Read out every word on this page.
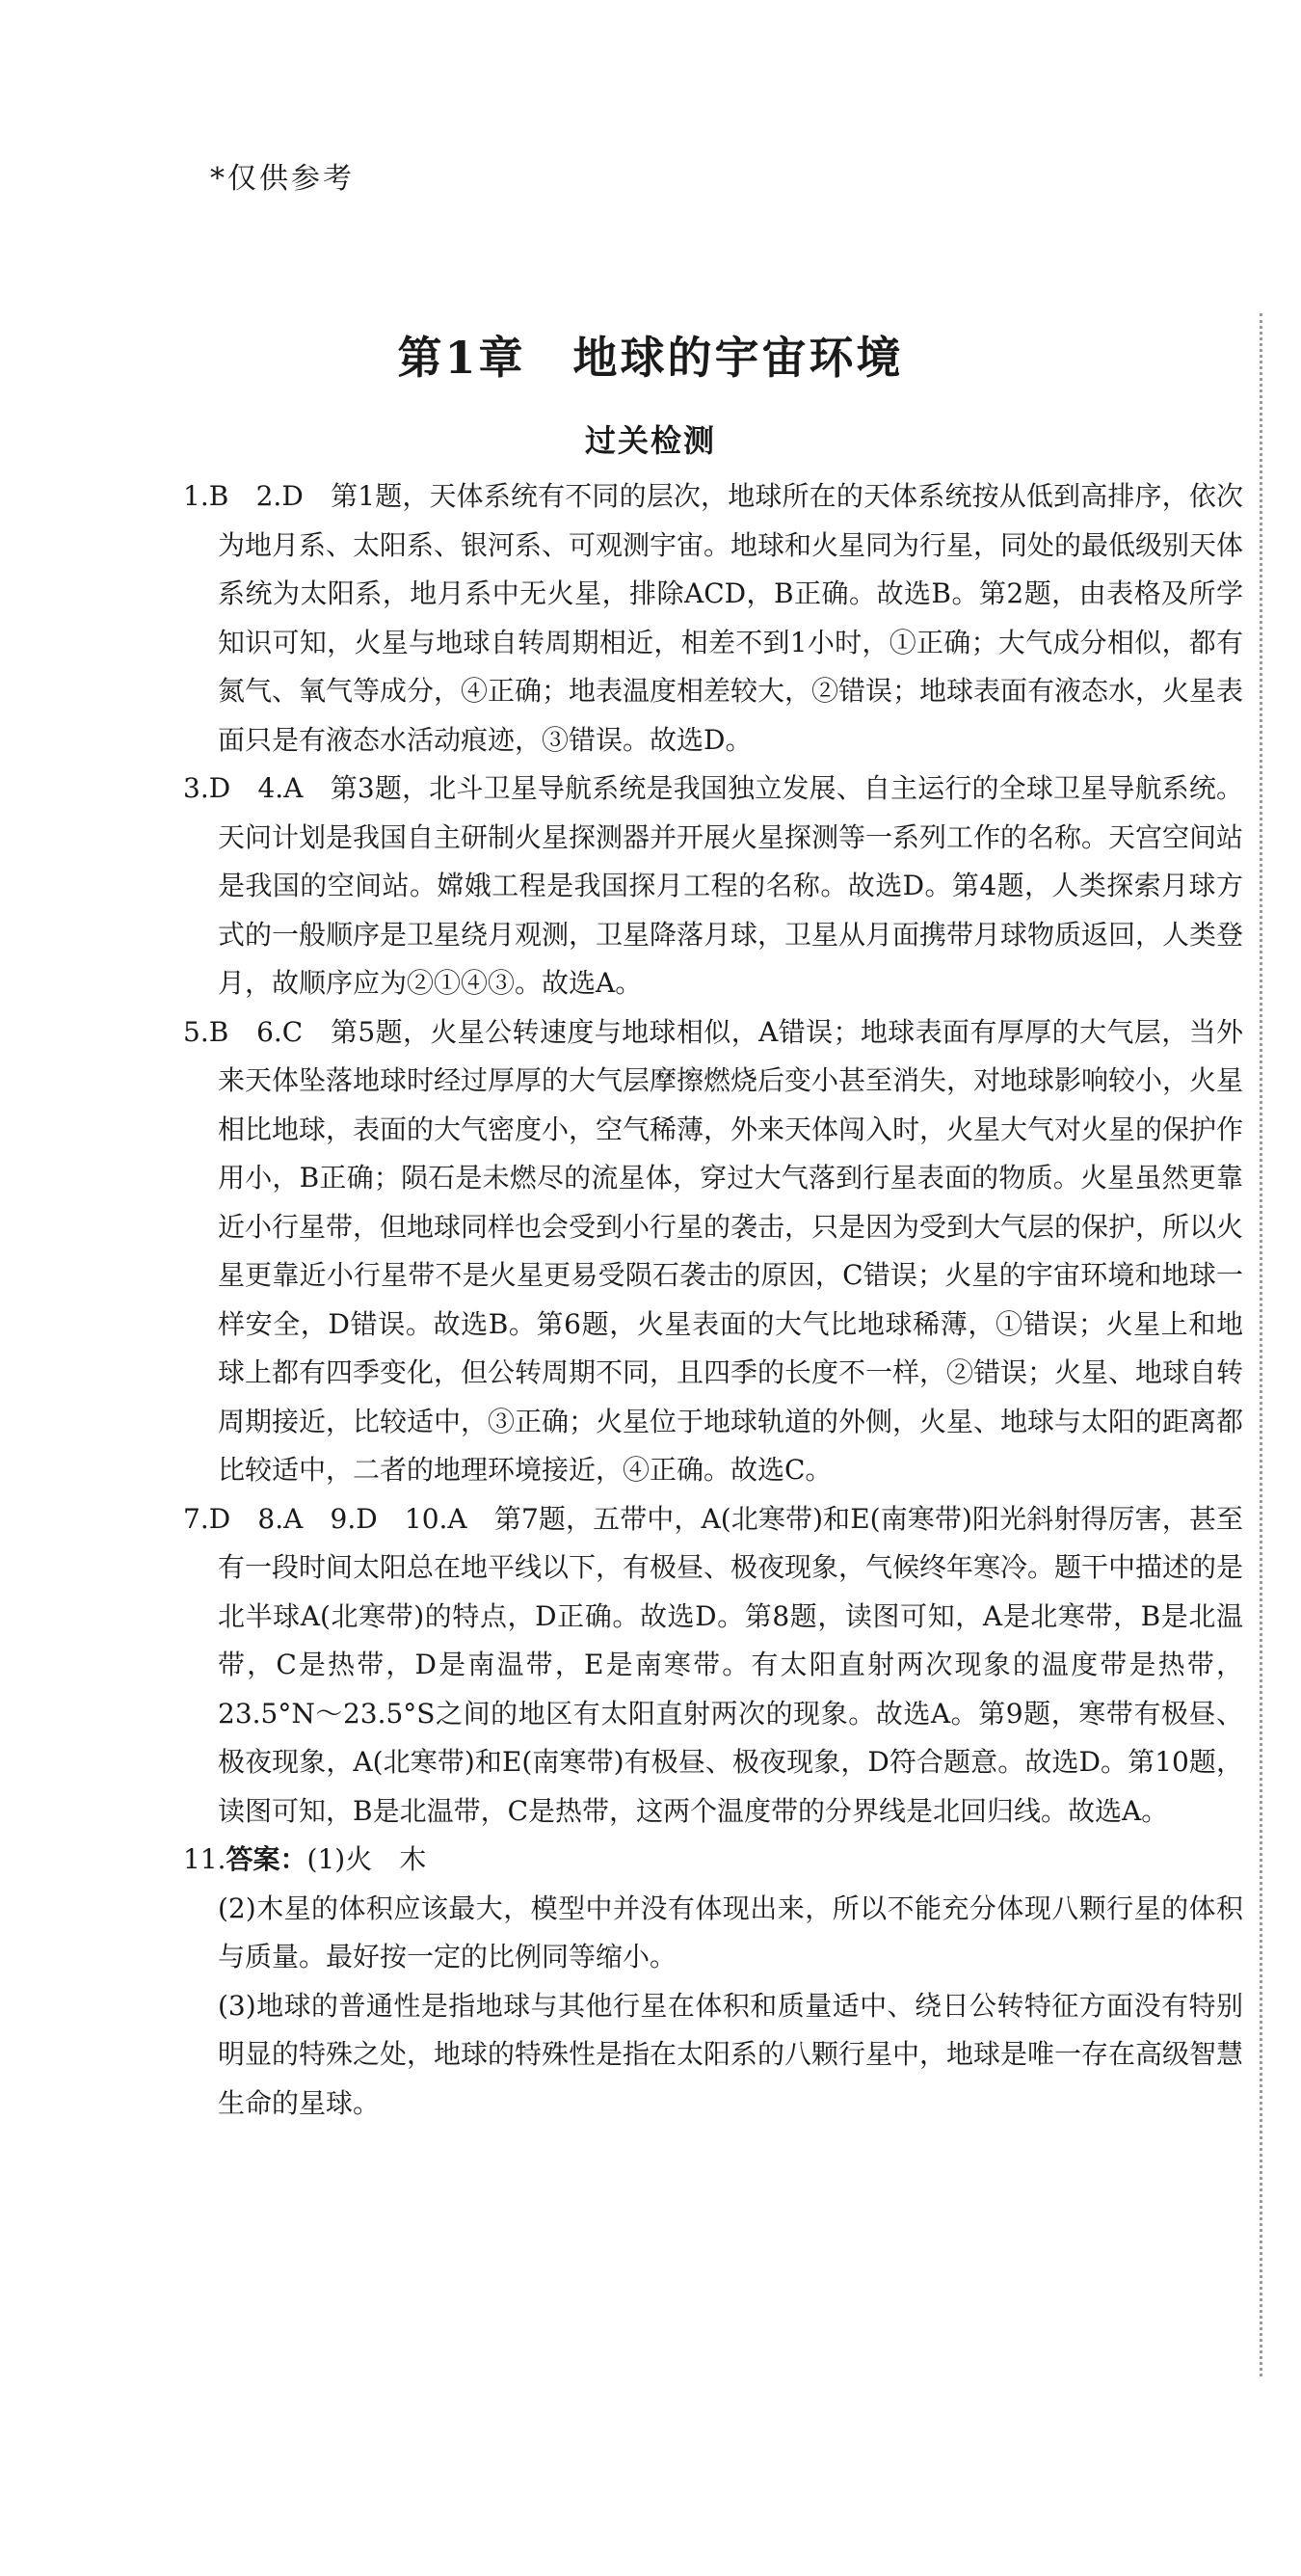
*仅供参考
第1章　地球的宇宙环境
过关检测
1.B　2.D　第1题，天体系统有不同的层次，地球所在的天体系统按从低到高排序，依次为地月系、太阳系、银河系、可观测宇宙。地球和火星同为行星，同处的最低级别天体系统为太阳系，地月系中无火星，排除ACD，B正确。故选B。第2题，由表格及所学知识可知，火星与地球自转周期相近，相差不到1小时，①正确；大气成分相似，都有氮气、氧气等成分，④正确；地表温度相差较大，②错误；地球表面有液态水，火星表面只是有液态水活动痕迹，③错误。故选D。
3.D　4.A　第3题，北斗卫星导航系统是我国独立发展、自主运行的全球卫星导航系统。天问计划是我国自主研制火星探测器并开展火星探测等一系列工作的名称。天宫空间站是我国的空间站。嫦娥工程是我国探月工程的名称。故选D。第4题，人类探索月球方式的一般顺序是卫星绕月观测，卫星降落月球，卫星从月面携带月球物质返回，人类登月，故顺序应为②①④③。故选A。
5.B　6.C　第5题，火星公转速度与地球相似，A错误；地球表面有厚厚的大气层，当外来天体坠落地球时经过厚厚的大气层摩擦燃烧后变小甚至消失，对地球影响较小，火星相比地球，表面的大气密度小，空气稀薄，外来天体闯入时，火星大气对火星的保护作用小，B正确；陨石是未燃尽的流星体，穿过大气落到行星表面的物质。火星虽然更靠近小行星带，但地球同样也会受到小行星的袭击，只是因为受到大气层的保护，所以火星更靠近小行星带不是火星更易受陨石袭击的原因，C错误；火星的宇宙环境和地球一样安全，D错误。故选B。第6题，火星表面的大气比地球稀薄，①错误；火星上和地球上都有四季变化，但公转周期不同，且四季的长度不一样，②错误；火星、地球自转周期接近，比较适中，③正确；火星位于地球轨道的外侧，火星、地球与太阳的距离都比较适中，二者的地理环境接近，④正确。故选C。
7.D　8.A　9.D　10.A　第7题，五带中，A(北寒带)和E(南寒带)阳光斜射得厉害，甚至有一段时间太阳总在地平线以下，有极昼、极夜现象，气候终年寒冷。题干中描述的是北半球A(北寒带)的特点，D正确。故选D。第8题，读图可知，A是北寒带，B是北温带，C是热带，D是南温带，E是南寒带。有太阳直射两次现象的温度带是热带，23.5°N～23.5°S之间的地区有太阳直射两次的现象。故选A。第9题，寒带有极昼、极夜现象，A(北寒带)和E(南寒带)有极昼、极夜现象，D符合题意。故选D。第10题，读图可知，B是北温带，C是热带，这两个温度带的分界线是北回归线。故选A。
11.答案：(1)火　木
(2)木星的体积应该最大，模型中并没有体现出来，所以不能充分体现八颗行星的体积与质量。最好按一定的比例同等缩小。
(3)地球的普通性是指地球与其他行星在体积和质量适中、绕日公转特征方面没有特别明显的特殊之处，地球的特殊性是指在太阳系的八颗行星中，地球是唯一存在高级智慧生命的星球。
